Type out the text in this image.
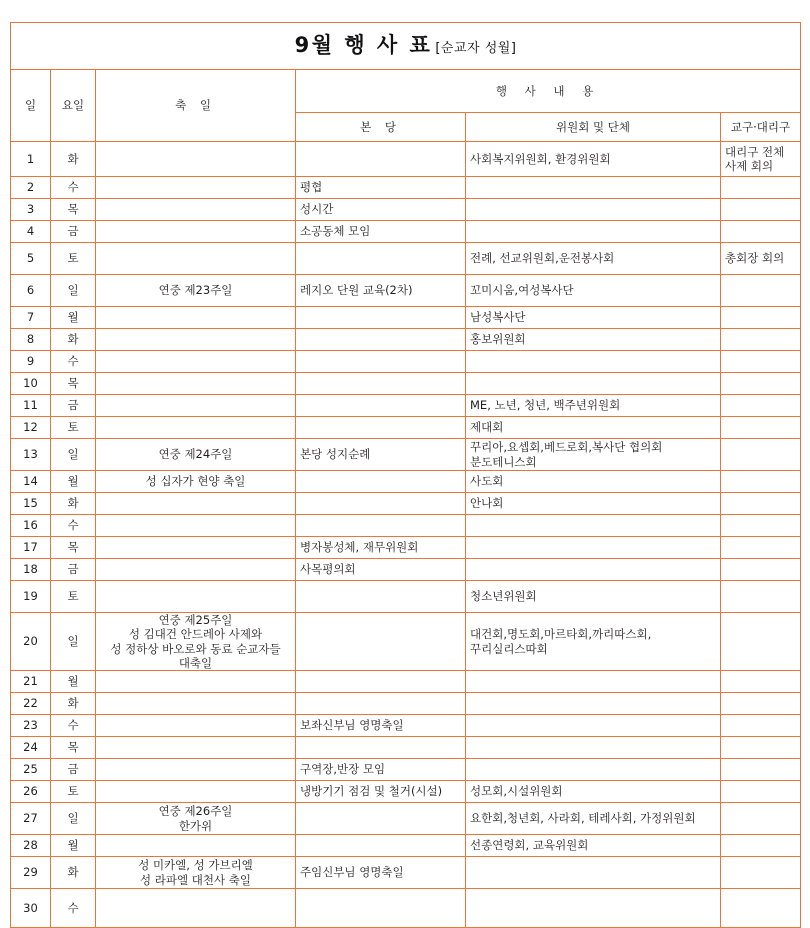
9월 행 사 표 [순교자 성월]					
일	요일	축 일	행 사 내 용		
			본 당	위원회 및 단체	교구·대리구

1	화			사회복지위원회, 환경위원회	대리구 전체
사제 회의

2	수		평협		

3	목		성시간		

4	금		소공동체 모임		

5	토			전례, 선교위원회,운전봉사회	총회장 회의

6	일	연중 제23주일	레지오 단원 교육(2차)	꼬미시움,여성복사단	

7	월			남성복사단	

8	화			홍보위원회	

9	수				

10	목				

11	금			ME, 노년, 청년, 백주년위원회	

12	토			제대회	

13	일	연중 제24주일	본당 성지순례	꾸리아,요셉회,베드로회,복사단 협의회
분도테니스회	

14	월	성 십자가 현양 축일		사도회	

15	화			안나회	

16	수				

17	목		병자봉성체, 재무위원회		

18	금		사목평의회		

19	토			청소년위원회	

20	일	연중 제25주일
성 김대건 안드레아 사제와
성 정하상 바오로와 동료 순교자들
대축일		대건회,명도회,마르타회,까리따스회,
꾸리실리스따회	

21	월				

22	화				

23	수		보좌신부님 영명축일		

24	목				

25	금		구역장,반장 모임		

26	토		냉방기기 점검 및 철거(시설)	성모회,시설위원회	

27	일	연중 제26주일
한가위		요한회,청년회, 사라회, 테레사회, 가정위원회	

28	월			선종연령회, 교육위원회	

29	화	성 미카엘, 성 가브리엘
성 라파엘 대천사 축일	주임신부님 영명축일		

30	수				
